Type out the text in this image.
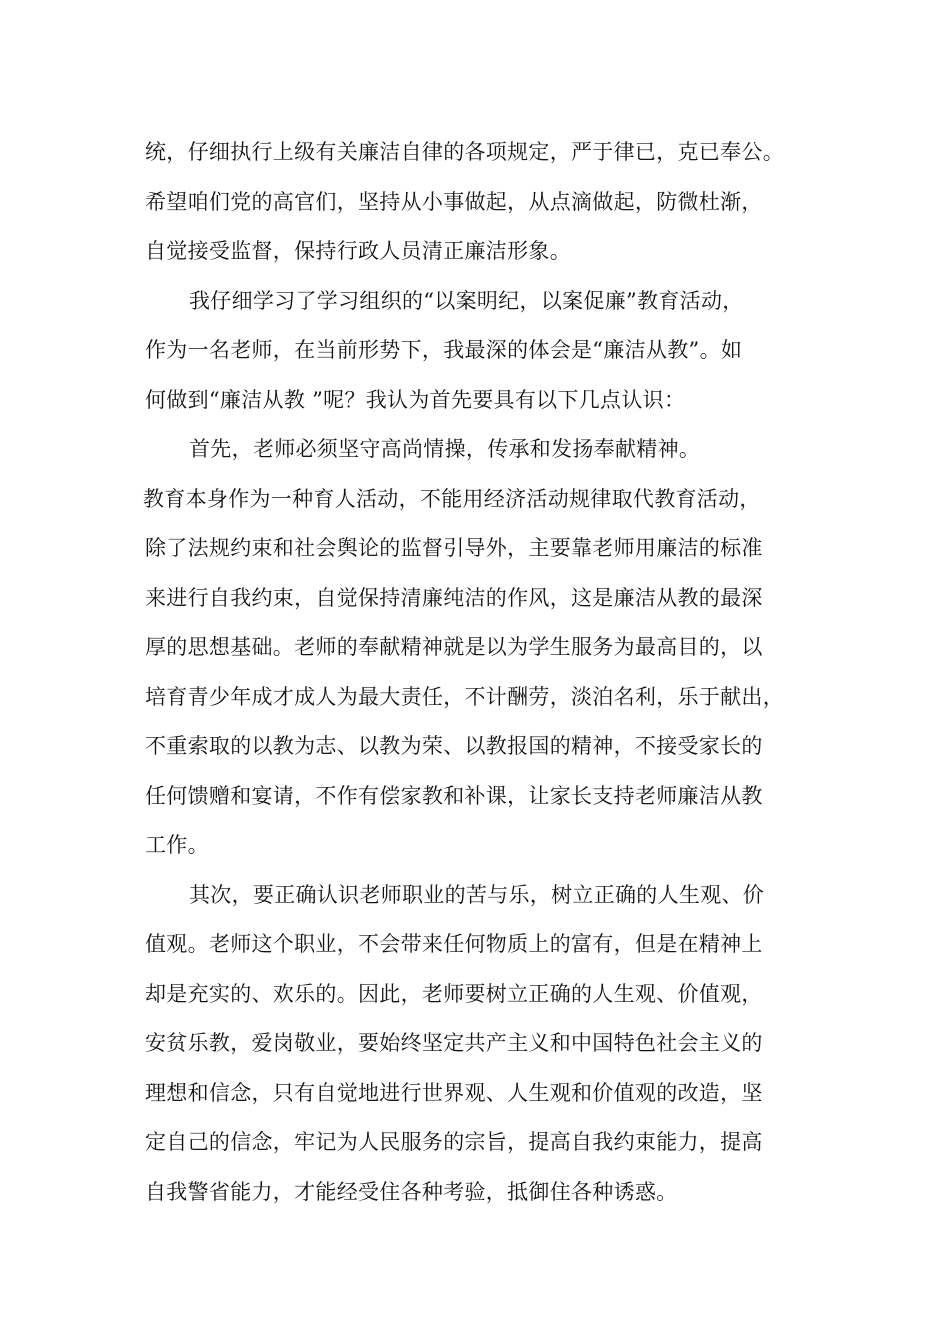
统，仔细执行上级有关廉洁自律的各项规定，严于律已，克已奉公。
希望咱们党的高官们，坚持从小事做起，从点滴做起，防微杜渐，
自觉接受监督，保持行政人员清正廉洁形象。
我仔细学习了学习组织的“以案明纪，以案促廉”教育活动，
作为一名老师，在当前形势下，我最深的体会是“廉洁从教”。如
何做到“廉洁从教 ”呢？我认为首先要具有以下几点认识：
首先，老师必须坚守高尚情操，传承和发扬奉献精神。
教育本身作为一种育人活动，不能用经济活动规律取代教育活动，
除了法规约束和社会舆论的监督引导外，主要靠老师用廉洁的标准
来进行自我约束，自觉保持清廉纯洁的作风，这是廉洁从教的最深
厚的思想基础。老师的奉献精神就是以为学生服务为最高目的，以
培育青少年成才成人为最大责任，不计酬劳，淡泊名利，乐于献出，
不重索取的以教为志、以教为荣、以教报国的精神，不接受家长的
任何馈赠和宴请，不作有偿家教和补课，让家长支持老师廉洁从教
工作。
其次，要正确认识老师职业的苦与乐，树立正确的人生观、价
值观。老师这个职业，不会带来任何物质上的富有，但是在精神上
却是充实的、欢乐的。因此，老师要树立正确的人生观、价值观，
安贫乐教，爱岗敬业，要始终坚定共产主义和中国特色社会主义的
理想和信念，只有自觉地进行世界观、人生观和价值观的改造，坚
定自己的信念，牢记为人民服务的宗旨，提高自我约束能力，提高
自我警省能力，才能经受住各种考验，抵御住各种诱惑。
